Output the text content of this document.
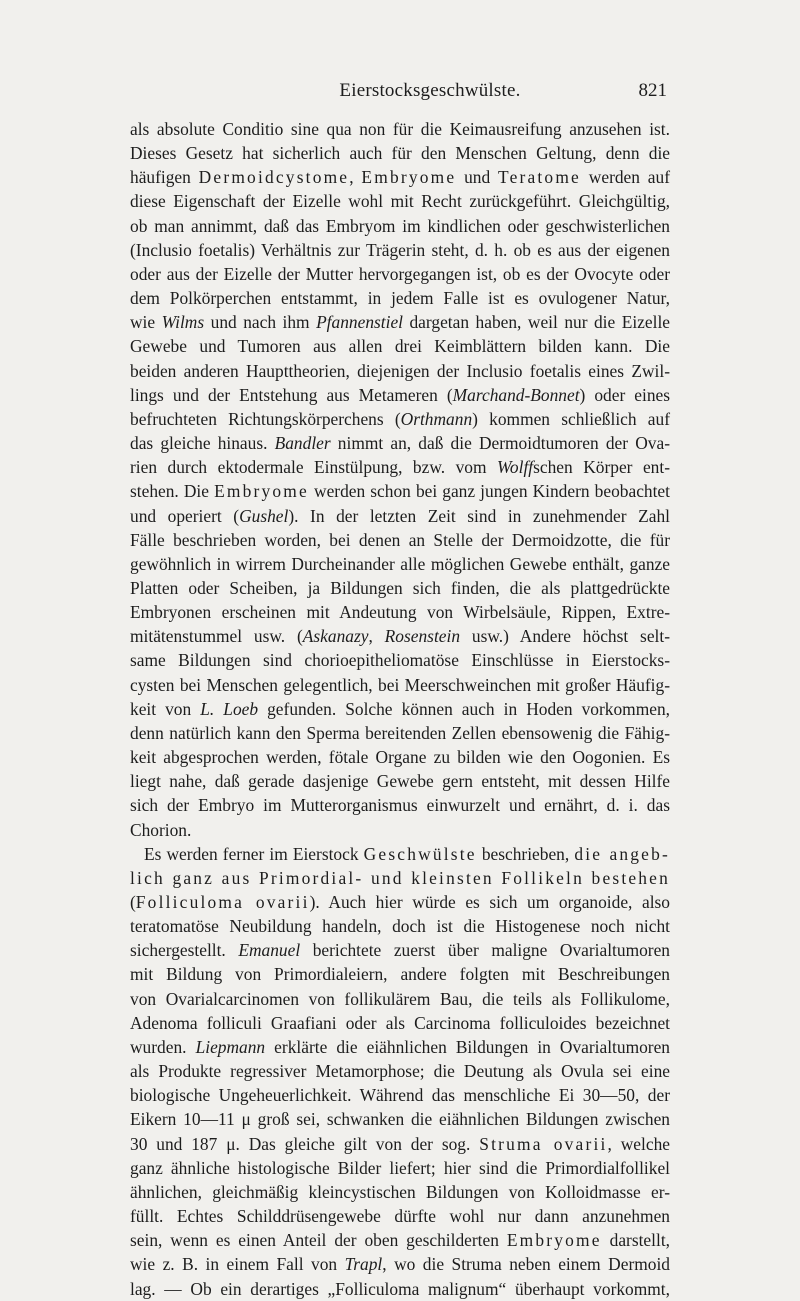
Eierstocksgeschwülste.	821
als absolute Conditio sine qua non für die Keimausreifung anzusehen ist.
Dieses Gesetz hat sicherlich auch für den Menschen Geltung, denn die
häufigen Dermoidcystome, Embryome und Teratome werden auf
diese Eigenschaft der Eizelle wohl mit Recht zurückgeführt. Gleichgültig,
ob man annimmt, daß das Embryom im kindlichen oder geschwisterlichen
(Inclusio foetalis) Verhältnis zur Trägerin steht, d. h. ob es aus der eigenen
oder aus der Eizelle der Mutter hervorgegangen ist, ob es der Ovocyte oder
dem Polkörperchen entstammt, in jedem Falle ist es ovulogener Natur,
wie Wilms und nach ihm Pfannenstiel dargetan haben, weil nur die Eizelle
Gewebe und Tumoren aus allen drei Keimblättern bilden kann. Die
beiden anderen Haupttheorien, diejenigen der Inclusio foetalis eines Zwil-
lings und der Entstehung aus Metameren (Marchand-Bonnet) oder eines
befruchteten Richtungskörperchens (Orthmann) kommen schließlich auf
das gleiche hinaus. Bandler nimmt an, daß die Dermoidtumoren der Ova-
rien durch ektodermale Einstülpung, bzw. vom Wolffschen Körper ent-
stehen. Die Embryome werden schon bei ganz jungen Kindern beobachtet
und operiert (Gushel). In der letzten Zeit sind in zunehmender Zahl
Fälle beschrieben worden, bei denen an Stelle der Dermoidzotte, die für
gewöhnlich in wirrem Durcheinander alle möglichen Gewebe enthält, ganze
Platten oder Scheiben, ja Bildungen sich finden, die als plattgedrückte
Embryonen erscheinen mit Andeutung von Wirbelsäule, Rippen, Extre-
mitätenstummel usw. (Askanazy, Rosenstein usw.) Andere höchst selt-
same Bildungen sind chorioepitheliomatöse Einschlüsse in Eierstocks-
cysten bei Menschen gelegentlich, bei Meerschweinchen mit großer Häufig-
keit von L. Loeb gefunden. Solche können auch in Hoden vorkommen,
denn natürlich kann den Sperma bereitenden Zellen ebensowenig die Fähig-
keit abgesprochen werden, fötale Organe zu bilden wie den Oogonien. Es
liegt nahe, daß gerade dasjenige Gewebe gern entsteht, mit dessen Hilfe
sich der Embryo im Mutterorganismus einwurzelt und ernährt, d. i. das
Chorion.
Es werden ferner im Eierstock Geschwülste beschrieben, die angeb-
lich ganz aus Primordial- und kleinsten Follikeln bestehen
(Folliculoma ovarii). Auch hier würde es sich um organoide, also
teratomatöse Neubildung handeln, doch ist die Histogenese noch nicht
sichergestellt. Emanuel berichtete zuerst über maligne Ovarialtumoren
mit Bildung von Primordialeiern, andere folgten mit Beschreibungen
von Ovarialcarcinomen von follikulärem Bau, die teils als Follikulome,
Adenoma folliculi Graafiani oder als Carcinoma folliculoides bezeichnet
wurden. Liepmann erklärte die eiähnlichen Bildungen in Ovarialtumoren
als Produkte regressiver Metamorphose; die Deutung als Ovula sei eine
biologische Ungeheuerlichkeit. Während das menschliche Ei 30—50, der
Eikern 10—11 μ groß sei, schwanken die eiähnlichen Bildungen zwischen
30 und 187 μ. Das gleiche gilt von der sog. Struma ovarii, welche
ganz ähnliche histologische Bilder liefert; hier sind die Primordialfollikel
ähnlichen, gleichmäßig kleincystischen Bildungen von Kolloidmasse er-
füllt. Echtes Schilddrüsengewebe dürfte wohl nur dann anzunehmen
sein, wenn es einen Anteil der oben geschilderten Embryome darstellt,
wie z. B. in einem Fall von Trapl, wo die Struma neben einem Dermoid
lag. — Ob ein derartiges „Folliculoma malignum“ überhaupt vorkommt,
